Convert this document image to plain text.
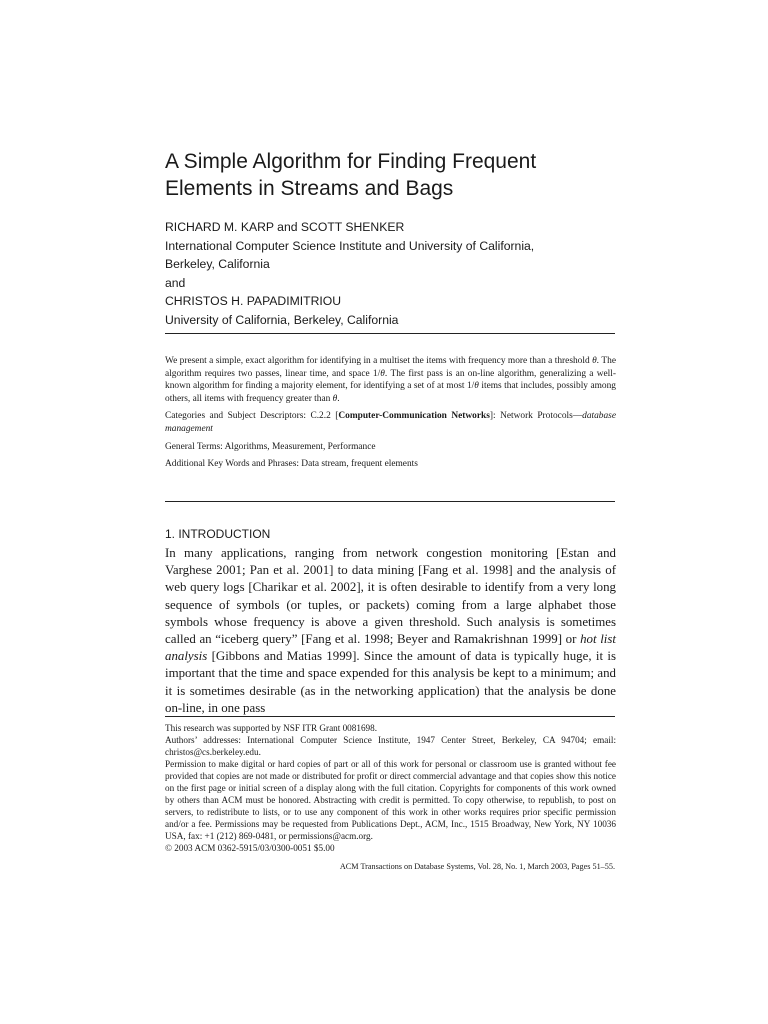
A Simple Algorithm for Finding Frequent Elements in Streams and Bags
RICHARD M. KARP and SCOTT SHENKER
International Computer Science Institute and University of California,
Berkeley, California
and
CHRISTOS H. PAPADIMITRIOU
University of California, Berkeley, California

We present a simple, exact algorithm for identifying in a multiset the items with frequency more than a threshold θ. The algorithm requires two passes, linear time, and space 1/θ. The first pass is an on-line algorithm, generalizing a well-known algorithm for finding a majority element, for identifying a set of at most 1/θ items that includes, possibly among others, all items with frequency greater than θ.

Categories and Subject Descriptors: C.2.2 [Computer-Communication Networks]: Network Protocols—database management

General Terms: Algorithms, Measurement, Performance

Additional Key Words and Phrases: Data stream, frequent elements

1. INTRODUCTION

In many applications, ranging from network congestion monitoring [Estan and Varghese 2001; Pan et al. 2001] to data mining [Fang et al. 1998] and the analysis of web query logs [Charikar et al. 2002], it is often desirable to identify from a very long sequence of symbols (or tuples, or packets) coming from a large alphabet those symbols whose frequency is above a given threshold. Such analysis is sometimes called an “iceberg query” [Fang et al. 1998; Beyer and Ramakrishnan 1999] or hot list analysis [Gibbons and Matias 1999]. Since the amount of data is typically huge, it is important that the time and space expended for this analysis be kept to a minimum; and it is sometimes desirable (as in the networking application) that the analysis be done on-line, in one pass

This research was supported by NSF ITR Grant 0081698.

Authors’ addresses: International Computer Science Institute, 1947 Center Street, Berkeley, CA 94704; email: christos@cs.berkeley.edu.

Permission to make digital or hard copies of part or all of this work for personal or classroom use is granted without fee provided that copies are not made or distributed for profit or direct commercial advantage and that copies show this notice on the first page or initial screen of a display along with the full citation. Copyrights for components of this work owned by others than ACM must be honored. Abstracting with credit is permitted. To copy otherwise, to republish, to post on servers, to redistribute to lists, or to use any component of this work in other works requires prior specific permission and/or a fee. Permissions may be requested from Publications Dept., ACM, Inc., 1515 Broadway, New York, NY 10036 USA, fax: +1 (212) 869-0481, or permissions@acm.org.

© 2003 ACM 0362-5915/03/0300-0051 $5.00

ACM Transactions on Database Systems, Vol. 28, No. 1, March 2003, Pages 51–55.
